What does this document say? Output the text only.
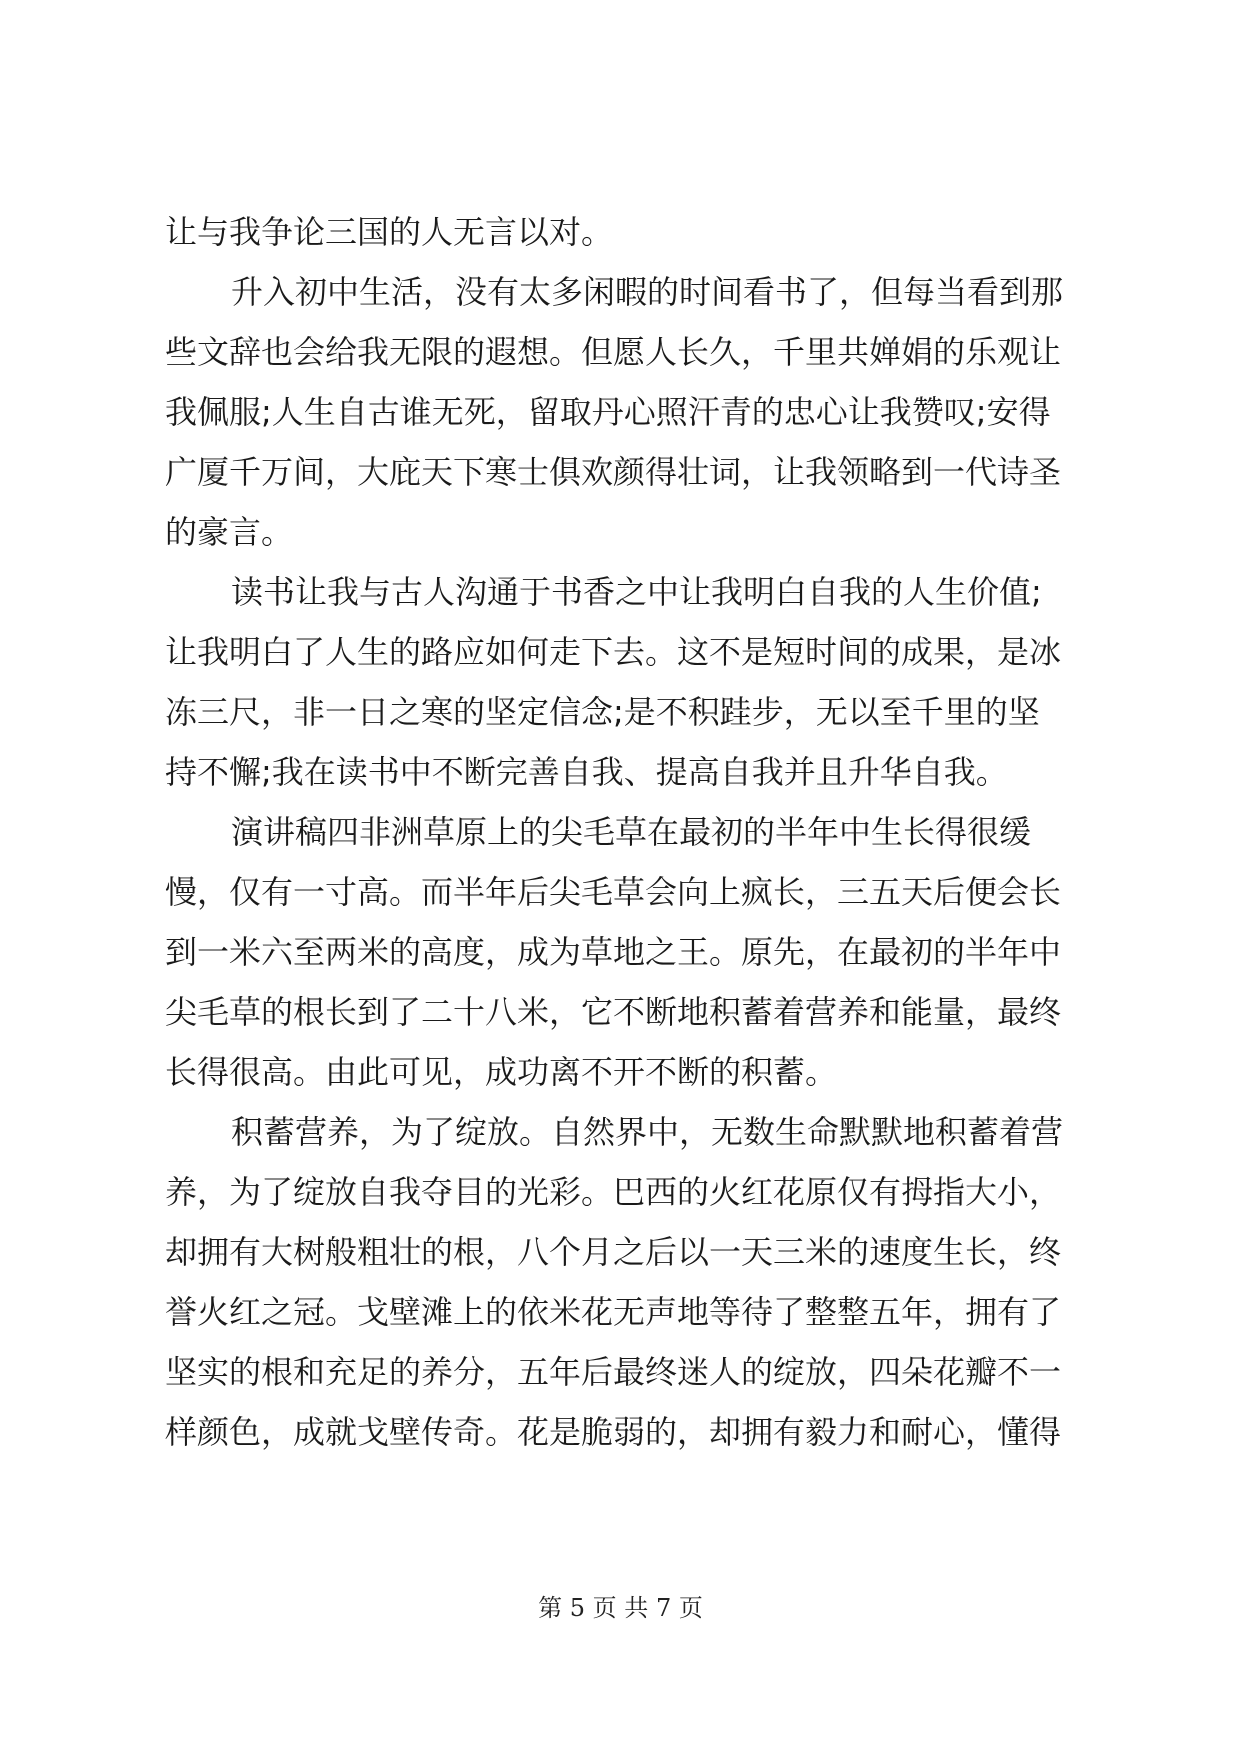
让与我争论三国的人无言以对。
升入初中生活，没有太多闲暇的时间看书了，但每当看到那
些文辞也会给我无限的遐想。但愿人长久，千里共婵娟的乐观让
我佩服;人生自古谁无死，留取丹心照汗青的忠心让我赞叹;安得
广厦千万间，大庇天下寒士俱欢颜得壮词，让我领略到一代诗圣
的豪言。
读书让我与古人沟通于书香之中让我明白自我的人生价值;
让我明白了人生的路应如何走下去。这不是短时间的成果，是冰
冻三尺，非一日之寒的坚定信念;是不积跬步，无以至千里的坚
持不懈;我在读书中不断完善自我、提高自我并且升华自我。
演讲稿四非洲草原上的尖毛草在最初的半年中生长得很缓
慢，仅有一寸高。而半年后尖毛草会向上疯长，三五天后便会长
到一米六至两米的高度，成为草地之王。原先，在最初的半年中
尖毛草的根长到了二十八米，它不断地积蓄着营养和能量，最终
长得很高。由此可见，成功离不开不断的积蓄。
积蓄营养，为了绽放。自然界中，无数生命默默地积蓄着营
养，为了绽放自我夺目的光彩。巴西的火红花原仅有拇指大小，
却拥有大树般粗壮的根，八个月之后以一天三米的速度生长，终
誉火红之冠。戈壁滩上的依米花无声地等待了整整五年，拥有了
坚实的根和充足的养分，五年后最终迷人的绽放，四朵花瓣不一
样颜色，成就戈壁传奇。花是脆弱的，却拥有毅力和耐心，懂得
第 5 页 共 7 页
